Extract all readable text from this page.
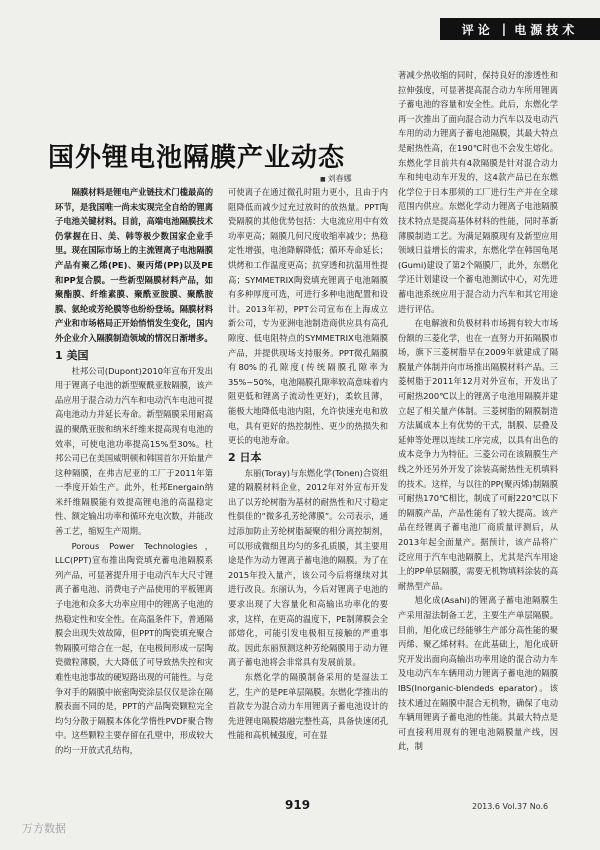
评论 | 电源技术
国外锂电池隔膜产业动态
■ 刘春娜

隔膜材料是锂电产业链技术门槛最高的环节，是我国唯一尚未实现完全自给的锂离子电池关键材料。目前，高端电池隔膜技术仍掌握在日、美、韩等极少数国家企业手里。现在国际市场上的主流锂离子电池隔膜产品有聚乙烯(PE)、聚丙烯(PP)以及PE和PP复合膜。一些新型隔膜材料产品，如聚酯膜、纤维素膜、聚酰亚胺膜、聚酰胺膜、氨纶或芳纶膜等也纷纷登场。隔膜材料产业和市场格局正开始悄悄发生变化，国内外企业介入隔膜制造领域的情况日渐增多。

1 美国

杜邦公司(Dupont)2010年宣布开发出用于锂离子电池的新型聚酰亚胺隔膜，该产品应用于混合动力汽车和电动汽车电池可提高电池动力并延长寿命。新型隔膜采用耐高温的聚酰亚胺和纳米纤维来提高现有电池的效率，可使电池功率提高15%至30%。杜邦公司已在美国威明顿和韩国首尔开始量产这种隔膜，在弗吉尼亚的工厂于2011年第一季度开始生产。此外，杜邦Energain纳米纤维隔膜能有效提高锂电池的高温稳定性、额定输出功率和循环充电次数，并能改善工艺，缩短生产周期。

Porous Power Technologies，LLC(PPT)宣布推出陶瓷填充蓄电池隔膜系列产品，可显著提升用于电动汽车大尺寸锂离子蓄电池、消费电子产品使用的平板锂离子电池和众多大功率应用中的锂离子电池的热稳定性和安全性。在高温条件下，普通隔膜会出现失效故障，但PPT的陶瓷填充聚合物隔膜可熔合在一起，在电极间形成一层陶瓷微粒薄膜，大大降低了可导致热失控和灾难性电池事故的硬短路出现的可能性。与竞争对手的隔膜中嵌密陶瓷涂层仅仅是涂在隔膜表面不同的是，PPT的产品陶瓷颗粒完全均匀分散于隔膜本体化学惰性PVDF聚合物中。这些颗粒主要存留在孔壁中，形成较大的均一开放式孔结构，

可使离子在通过微孔时阻力更小，且由于内阻降低而减少过充过放时的放热量。PPT陶瓷隔膜的其他优势包括：大电流应用中有效功率更高；隔膜几何尺度收缩率减少；热稳定性增强，电池降解降低；循环寿命延长；烘烤和工作温度更高；抗穿透和抗温用性提高；SYMMETRIX陶瓷填充锂离子电池隔膜有多种厚度可选，可进行多种电池配置和设计。2013年初，PPT公司宣布在上海成立新公司，专为亚洲电池制造商供应具有高孔隙度、低电阻特点的SYMMETRIX电池隔膜产品，并提供现场支持服务。PPT微孔隔膜有80%的孔隙度(传统隔膜孔隙率为35%~50%，电池隔膜孔隙率较高意味着内阻更低和锂离子流动性更好)，柔软且薄，能极大地降低电池内阻，允许快速充电和放电，具有更好的热控制性、更少的热损失和更长的电池寿命。

2 日本

东丽(Toray)与东燃化学(Tonen)合资组建的隔膜材料企业，2012年对外宣布开发出了以芳纶树脂为基材的耐热性和尺寸稳定性俱佳的“微多孔芳纶薄膜”。公司表示，通过添加防止芳纶树脂凝聚的相分离控制剂，可以形成微细且均匀的多孔质膜，其主要用途是作为动力锂离子蓄电池的隔膜。为了在2015年投入量产，该公司今后将继续对其进行改良。东丽认为，今后对锂离子电池的要求出现了大容量化和高输出功率化的要求，这样，在更高的温度下，PE制薄膜会全部熔化，可能引发电极相互接触的严重事故。因此东丽预测这种芳纶隔膜用于动力锂离子蓄电池将会非常具有发展前景。

东燃化学的隔膜制备采用的是湿法工艺，生产的是PE单层隔膜。东燃化学推出的首款专为混合动力车用锂离子蓄电池设计的先进锂电隔膜熔融完整性高，具备快速闭孔性能和高机械强度，可在显

著减少热收缩的同时，保持良好的渗透性和拉伸强度，可显著提高混合动力车所用锂离子蓄电池的容量和安全性。此后，东燃化学再一次推出了面向混合动力汽车以及电动汽车用的动力锂离子蓄电池隔膜，其最大特点是耐热性高，在190℃时也不会发生熔化。东燃化学目前共有4款隔膜是针对混合动力车和纯电动车开发的，这4款产品已在东燃化学位于日本那须的工厂进行生产并在全球范围内供应。东燃化学动力锂离子电池隔膜技术特点是提高基体材料的性能，同时革新薄膜制造工艺。为满足隔膜现有及新型应用领域日益增长的需求，东燃化学在韩国龟尾(Gumi)建设了第2个隔膜厂，此外，东燃化学还计划建设一个蓄电池测试中心，对先进蓄电池系统应用于混合动力汽车和其它用途进行评估。

在电解液和负极材料市场拥有较大市场份额的三菱化学，也在一直努力开拓隔膜市场，旗下三菱树脂早在2009年就建成了隔膜量产体制并向市场推出隔膜材料产品。三菱树脂于2011年12月对外宣布，开发出了可耐热200℃以上的锂离子电池用隔膜并建立起了相关量产体制。三菱树脂的隔膜制造方法属成本上有优势的干式，制膜、层叠及延伸等处理以连续工序完成，以具有出色的成本竞争力为特征。三菱公司在该隔膜生产线之外还另外开发了涂装高耐热性无机填料的技术。这样，与以往的PP(聚丙烯)制隔膜可耐热170℃相比，制成了可耐220℃以下的隔膜产品，产品性能有了较大提高。该产品在经锂离子蓄电池厂商质量评测后，从2013年起全面量产。据预计，该产品将广泛应用于汽车电池隔膜上，尤其是汽车用途上的PP单层隔膜，需要无机物填料涂装的高耐热型产品。

旭化成(Asahi)的锂离子蓄电池隔膜生产采用湿法制备工艺，主要生产单层隔膜。目前，旭化成已经能够生产部分高性能的聚丙烯、聚乙烯材料。在此基础上，旭化成研究开发出面向高输出功率用途的混合动力车及电动汽车车辆用动力锂离子蓄电池的隔膜IBS(Inorganic-blendeds eparator)。该技术通过在隔膜中混合无机物，确保了电动车辆用锂离子蓄电池的性能。其最大特点是可直接利用现有的锂电池隔膜量产线，因此，制

919	2013.6 Vol.37 No.6
万方数据
